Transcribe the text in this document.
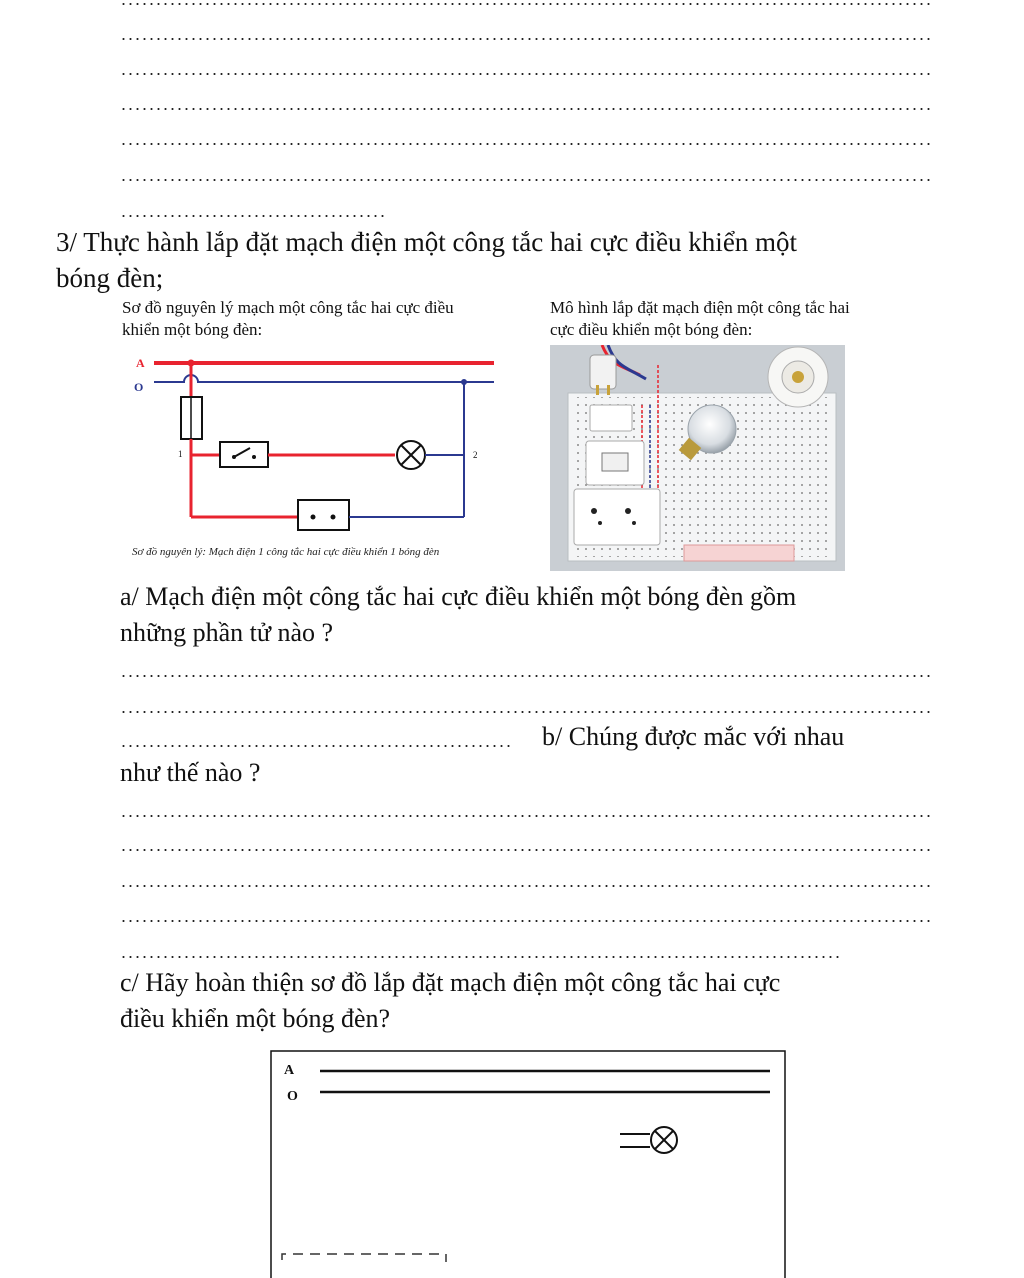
3/ Thực hành lắp đặt mạch điện một công tắc hai cực điều khiển một
bóng đèn;
Sơ đồ nguyên lý mạch một công tắc hai cực điều
khiển một bóng đèn:
Mô hình lắp đặt mạch điện một công tắc hai
cực điều khiển một bóng đèn:
A
O
1	2
Sơ đồ nguyên lý: Mạch điện 1 công tắc hai cực điều khiển 1 bóng đèn
a/ Mạch điện một công tắc hai cực điều khiển một bóng đèn gồm
những phần tử nào ?
b/ Chúng được mắc với nhau
như thế nào ?
c/ Hãy hoàn thiện sơ đồ lắp đặt mạch điện một công tắc hai cực
điều khiển một bóng đèn?
A
O
